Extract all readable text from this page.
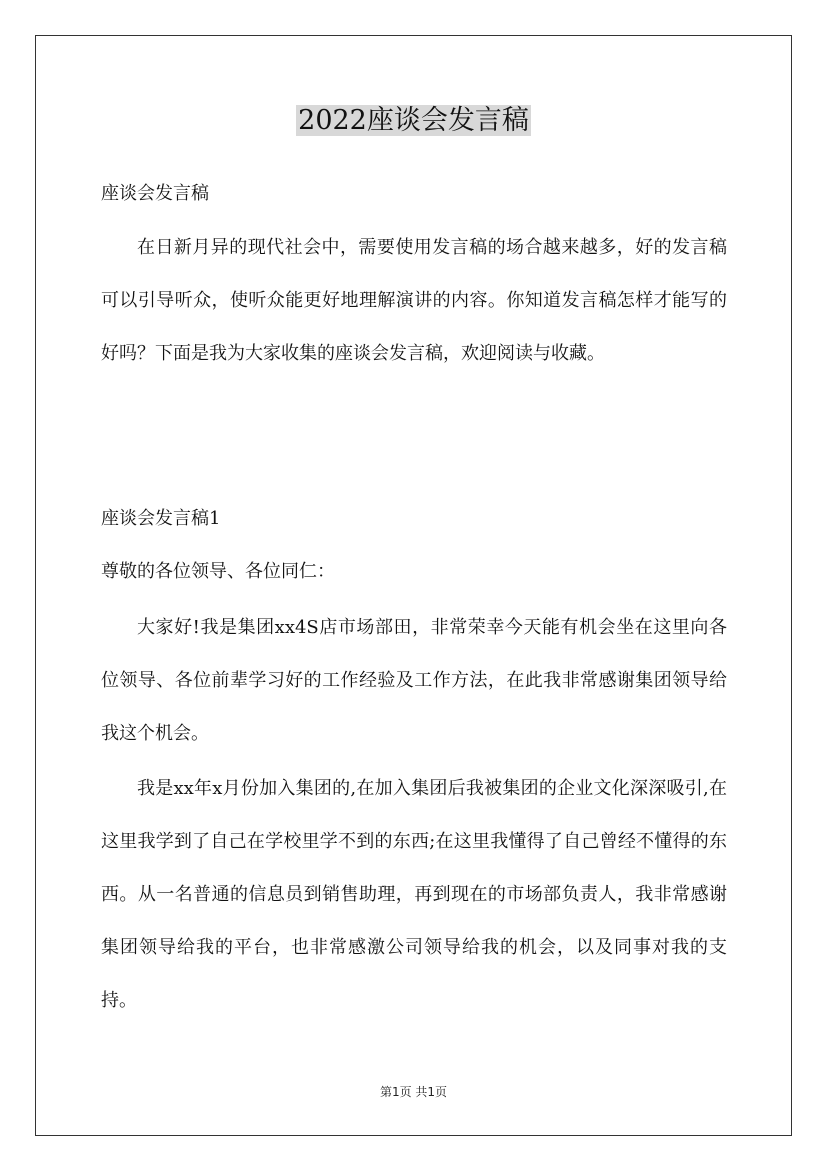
2022座谈会发言稿
座谈会发言稿

在日新月异的现代社会中，需要使用发言稿的场合越来越多，好的发言稿可以引导听众，使听众能更好地理解演讲的内容。你知道发言稿怎样才能写的好吗？下面是我为大家收集的座谈会发言稿，欢迎阅读与收藏。

座谈会发言稿1
尊敬的各位领导、各位同仁：

大家好!我是集团xx4S店市场部田，非常荣幸今天能有机会坐在这里向各位领导、各位前辈学习好的工作经验及工作方法，在此我非常感谢集团领导给我这个机会。

我是xx年x月份加入集团的,在加入集团后我被集团的企业文化深深吸引,在这里我学到了自己在学校里学不到的东西;在这里我懂得了自己曾经不懂得的东西。从一名普通的信息员到销售助理，再到现在的市场部负责人，我非常感谢集团领导给我的平台，也非常感激公司领导给我的机会，以及同事对我的支持。

第1页 共1页
